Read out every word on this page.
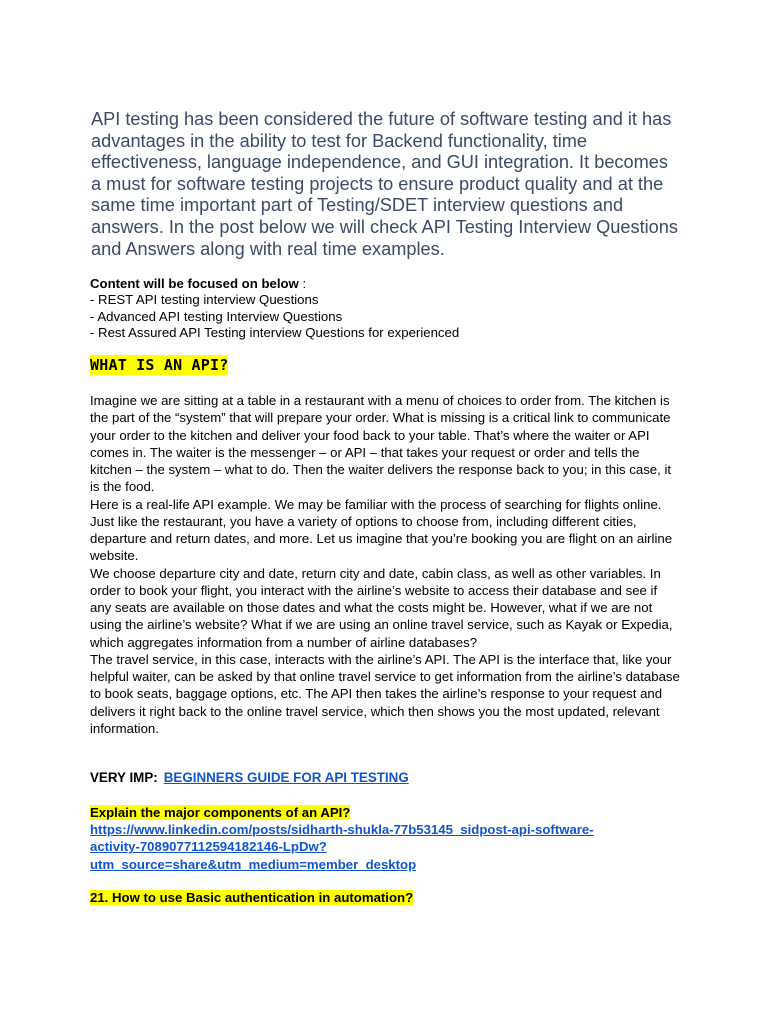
API testing has been considered the future of software testing and it has advantages in the ability to test for Backend functionality, time effectiveness, language independence, and GUI integration. It becomes a must for software testing projects to ensure product quality and at the same time important part of Testing/SDET interview questions and answers. In the post below we will check API Testing Interview Questions and Answers along with real time examples.

Content will be focused on below :
- REST API testing interview Questions
- Advanced API testing Interview Questions
- Rest Assured API Testing interview Questions for experienced
WHAT IS AN API?

Imagine we are sitting at a table in a restaurant with a menu of choices to order from. The kitchen is the part of the “system” that will prepare your order. What is missing is a critical link to communicate your order to the kitchen and deliver your food back to your table. That’s where the waiter or API comes in. The waiter is the messenger – or API – that takes your request or order and tells the kitchen – the system – what to do. Then the waiter delivers the response back to you; in this case, it is the food.

Here is a real-life API example. We may be familiar with the process of searching for flights online. Just like the restaurant, you have a variety of options to choose from, including different cities, departure and return dates, and more. Let us imagine that you’re booking you are flight on an airline website.

We choose departure city and date, return city and date, cabin class, as well as other variables. In order to book your flight, you interact with the airline’s website to access their database and see if any seats are available on those dates and what the costs might be. However, what if we are not using the airline’s website? What if we are using an online travel service, such as Kayak or Expedia, which aggregates information from a number of airline databases?

The travel service, in this case, interacts with the airline’s API. The API is the interface that, like your helpful waiter, can be asked by that online travel service to get information from the airline’s database to book seats, baggage options, etc. The API then takes the airline’s response to your request and delivers it right back to the online travel service, which then shows you the most updated, relevant information.

VERY IMP: BEGINNERS GUIDE FOR API TESTING
Explain the major components of an API?
https://www.linkedin.com/posts/sidharth-shukla-77b53145_sidpost-api-software-
activity-7089077112594182146-LpDw?
utm_source=share&utm_medium=member_desktop
21. How to use Basic authentication in automation?
